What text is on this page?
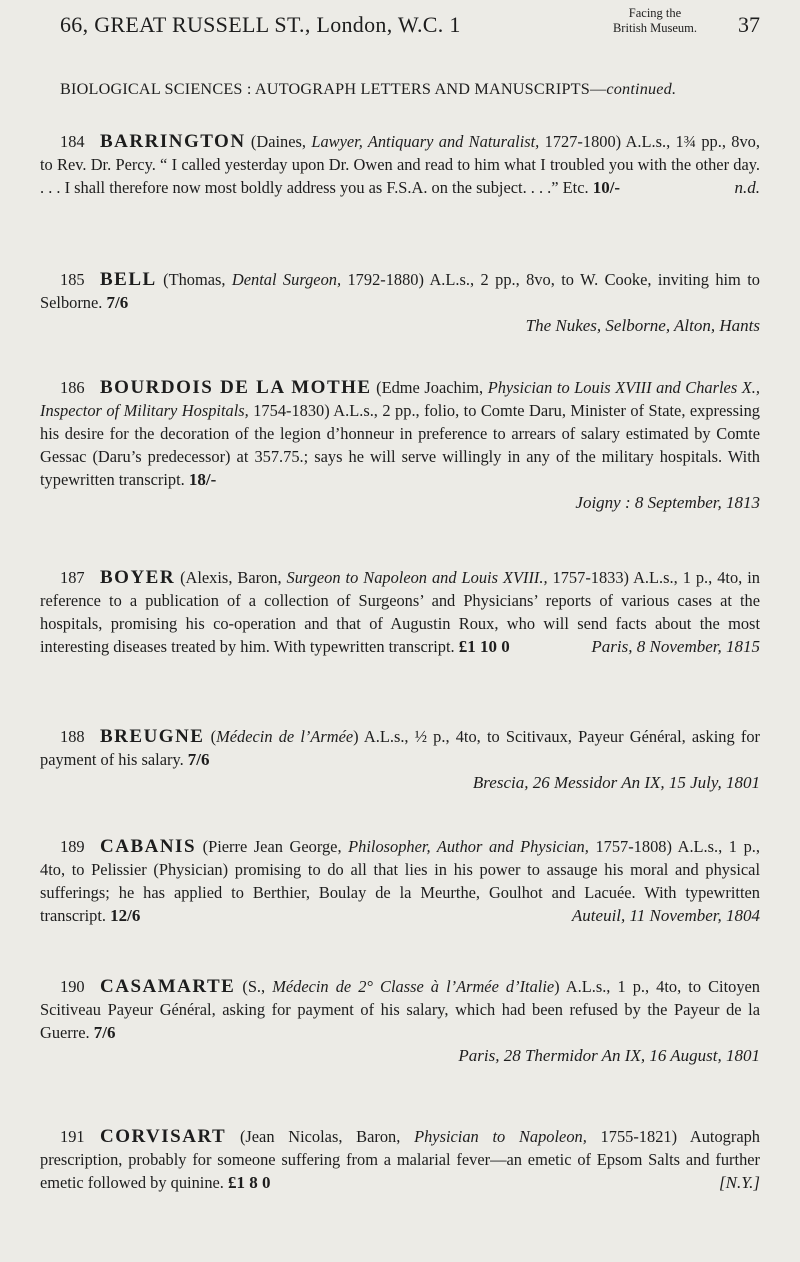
66, GREAT RUSSELL ST., London, W.C. 1	Facing the
British Museum.	37
BIOLOGICAL SCIENCES : AUTOGRAPH LETTERS AND MANUSCRIPTS—continued.
184 BARRINGTON (Daines, Lawyer, Antiquary and Naturalist, 1727-1800) A.L.s., 1¾ pp., 8vo, to Rev. Dr. Percy. “ I called yesterday upon Dr. Owen and read to him what I troubled you with the other day. . . . I shall therefore now most boldly address you as F.S.A. on the subject. . . .” Etc. 10/-	n.d.
185 BELL (Thomas, Dental Surgeon, 1792-1880) A.L.s., 2 pp., 8vo, to W. Cooke, inviting him to Selborne. 7/6
The Nukes, Selborne, Alton, Hants
186 BOURDOIS DE LA MOTHE (Edme Joachim, Physician to Louis XVIII and Charles X., Inspector of Military Hospitals, 1754-1830) A.L.s., 2 pp., folio, to Comte Daru, Minister of State, expressing his desire for the decoration of the legion d’honneur in preference to arrears of salary estimated by Comte Gessac (Daru’s predecessor) at 357.75.; says he will serve willingly in any of the military hospitals. With typewritten transcript. 18/-
Joigny : 8 September, 1813
187 BOYER (Alexis, Baron, Surgeon to Napoleon and Louis XVIII., 1757-1833) A.L.s., 1 p., 4to, in reference to a publication of a collection of Surgeons’ and Physicians’ reports of various cases at the hospitals, promising his co-operation and that of Augustin Roux, who will send facts about the most interesting diseases treated by him. With typewritten transcript. £1 10 0	Paris, 8 November, 1815
188 BREUGNE (Médecin de l’Armée) A.L.s., ½ p., 4to, to Scitivaux, Payeur Général, asking for payment of his salary. 7/6
Brescia, 26 Messidor An IX, 15 July, 1801
189 CABANIS (Pierre Jean George, Philosopher, Author and Physician, 1757-1808) A.L.s., 1 p., 4to, to Pelissier (Physician) promising to do all that lies in his power to assauge his moral and physical sufferings; he has applied to Berthier, Boulay de la Meurthe, Goulhot and Lacuée. With typewritten transcript. 12/6	Auteuil, 11 November, 1804
190 CASAMARTE (S., Médecin de 2° Classe à l’Armée d’Italie) A.L.s., 1 p., 4to, to Citoyen Scitiveau Payeur Général, asking for payment of his salary, which had been refused by the Payeur de la Guerre. 7/6
Paris, 28 Thermidor An IX, 16 August, 1801
191 CORVISART (Jean Nicolas, Baron, Physician to Napoleon, 1755-1821) Autograph prescription, probably for someone suffering from a malarial fever—an emetic of Epsom Salts and further emetic followed by quinine. £1 8 0	[N.Y.]
